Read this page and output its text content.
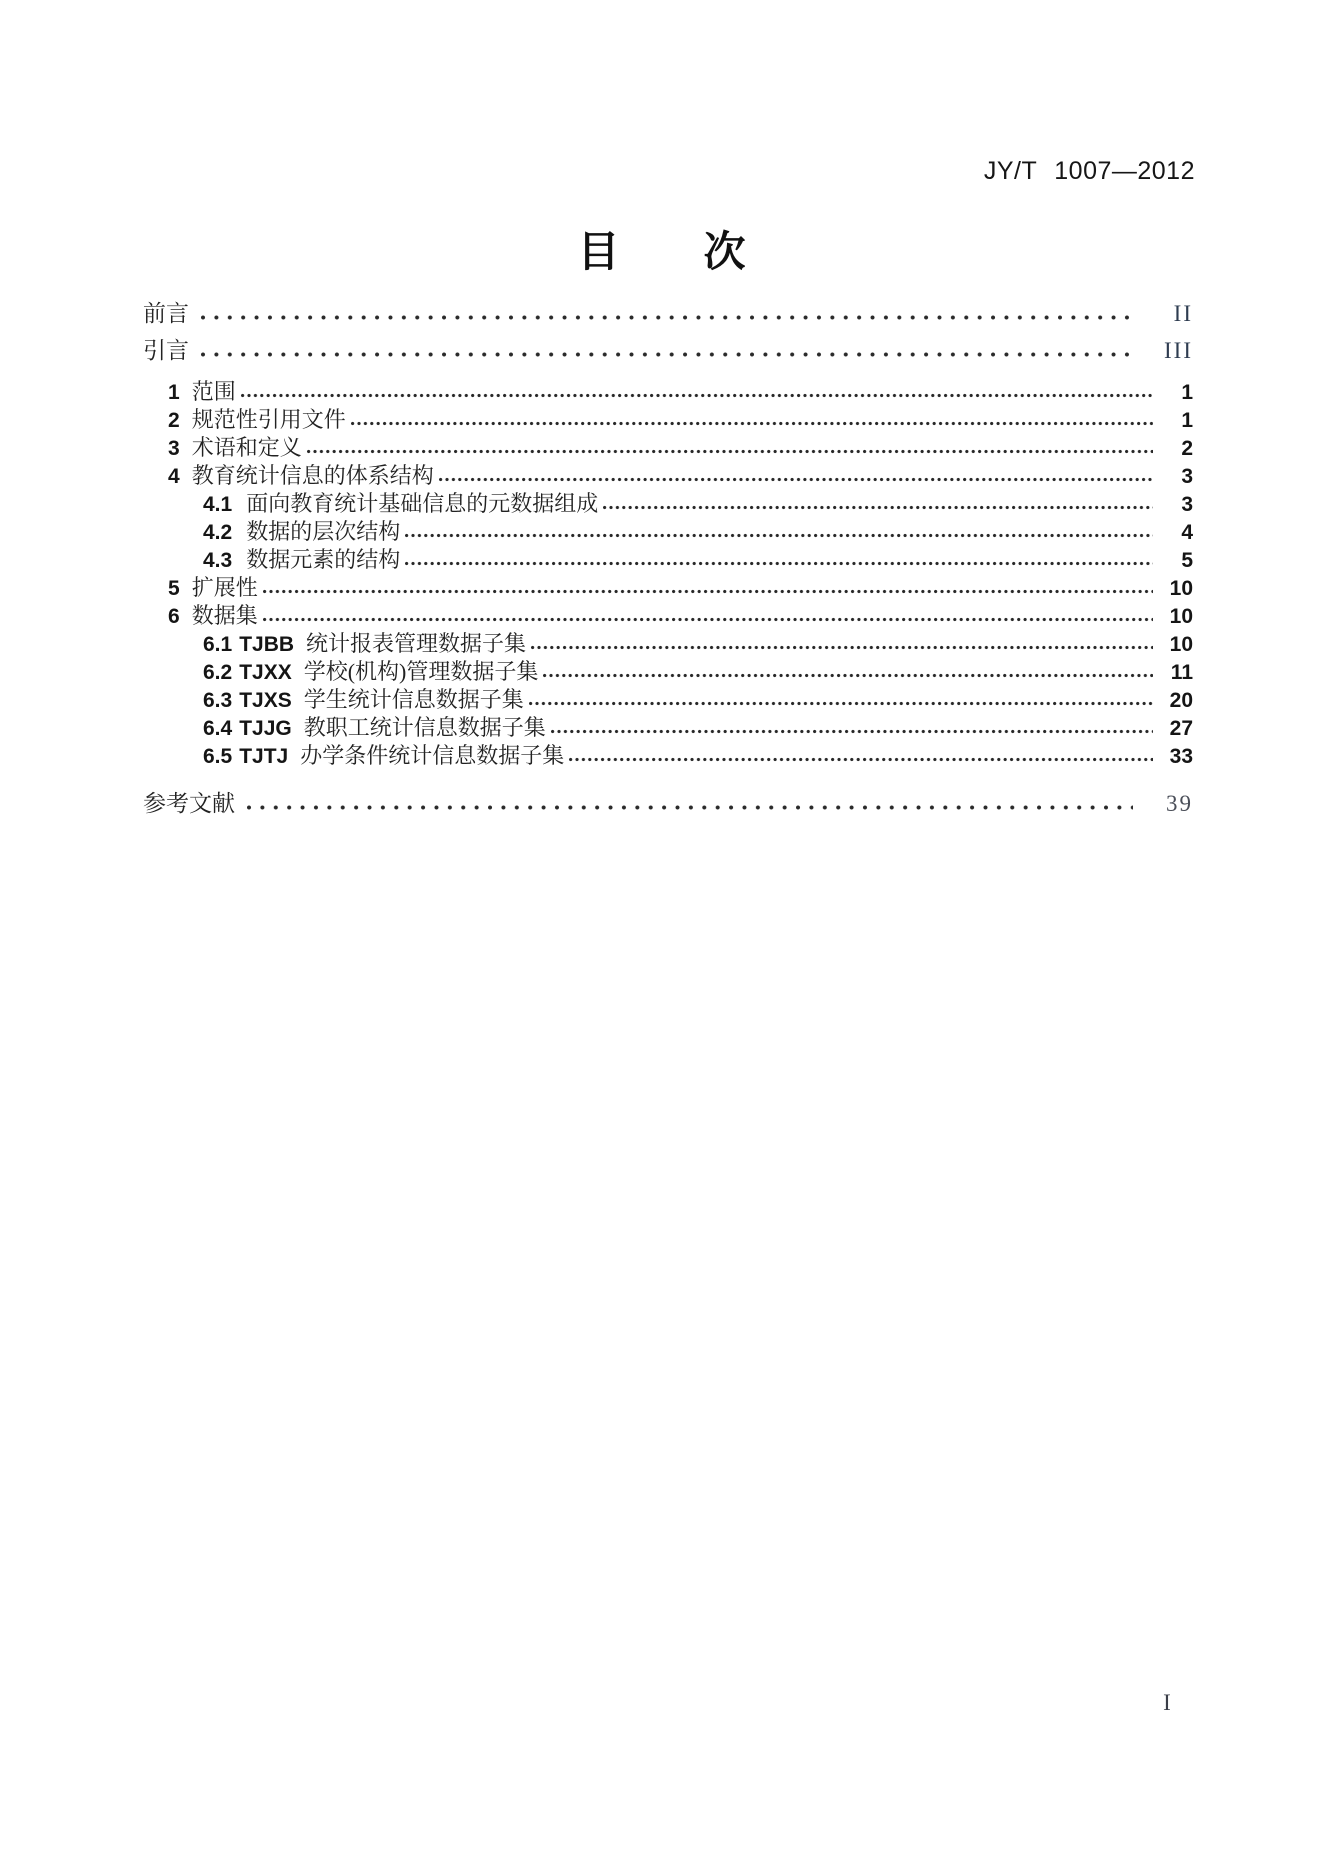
JY/T 1007—2012
目　　次
前言	II
引言	III
1 范围	1
2 规范性引用文件	1
3 术语和定义	2
4 教育统计信息的体系结构	3
4.1 面向教育统计基础信息的元数据组成	3
4.2 数据的层次结构	4
4.3 数据元素的结构	5
5 扩展性	10
6 数据集	10
6.1 TJBB 统计报表管理数据子集	10
6.2 TJXX 学校(机构)管理数据子集	11
6.3 TJXS 学生统计信息数据子集	20
6.4 TJJG 教职工统计信息数据子集	27
6.5 TJTJ 办学条件统计信息数据子集	33
参考文献	39
I
